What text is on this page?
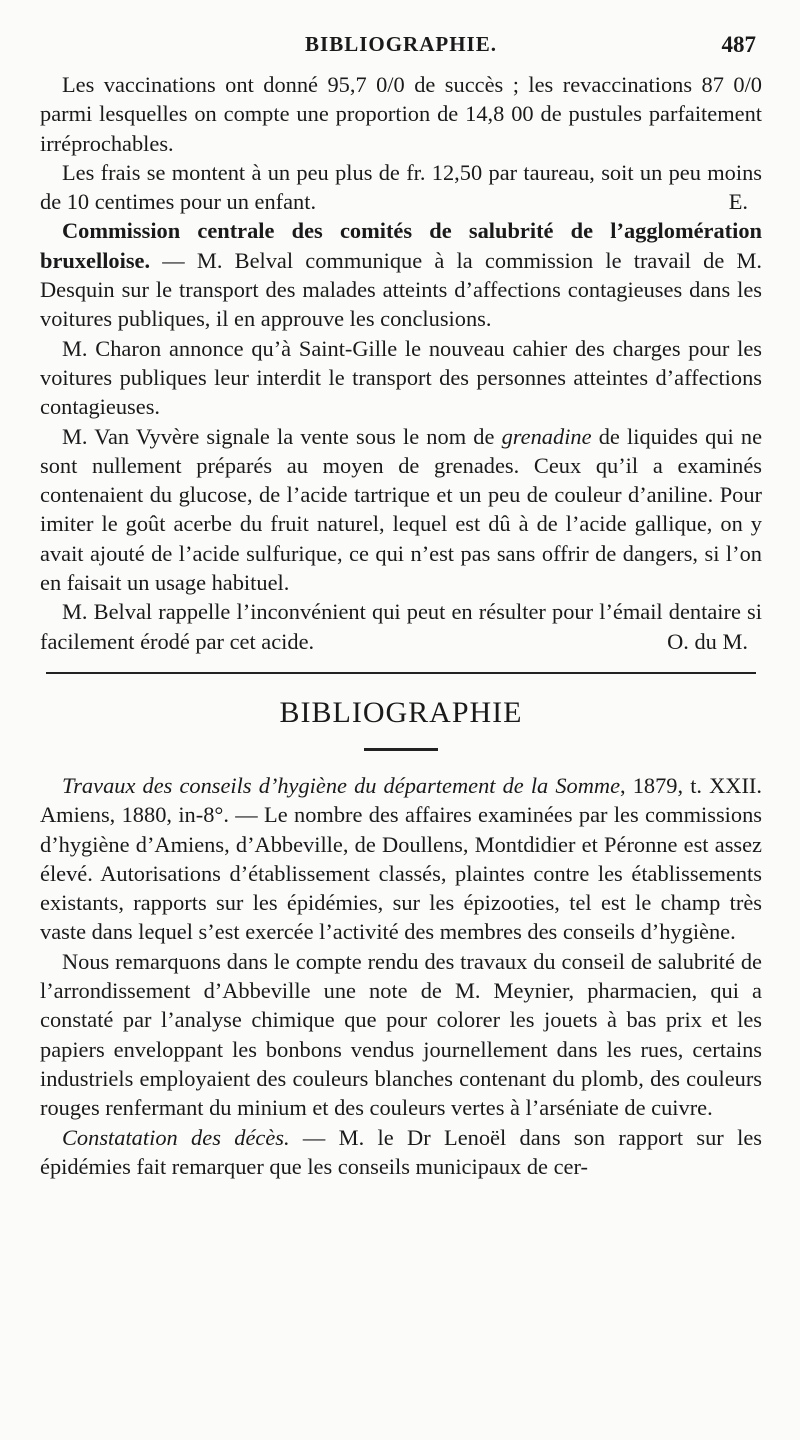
BIBLIOGRAPHIE.	487

Les vaccinations ont donné 95,7 0/0 de succès ; les revaccinations 87 0/0 parmi lesquelles on compte une proportion de 14,8 00 de pustules parfaitement irréprochables.

Les frais se montent à un peu plus de fr. 12,50 par taureau, soit un peu moins de 10 centimes pour un enfant.	E.

Commission centrale des comités de salubrité de l’agglomération bruxelloise. — M. Belval communique à la commission le travail de M. Desquin sur le transport des malades atteints d’affections contagieuses dans les voitures publiques, il en approuve les conclusions.

M. Charon annonce qu’à Saint-Gille le nouveau cahier des charges pour les voitures publiques leur interdit le transport des personnes atteintes d’affections contagieuses.

M. Van Vyvère signale la vente sous le nom de grenadine de liquides qui ne sont nullement préparés au moyen de grenades. Ceux qu’il a examinés contenaient du glucose, de l’acide tartrique et un peu de couleur d’aniline. Pour imiter le goût acerbe du fruit naturel, lequel est dû à de l’acide gallique, on y avait ajouté de l’acide sulfurique, ce qui n’est pas sans offrir de dangers, si l’on en faisait un usage habituel.

M. Belval rappelle l’inconvénient qui peut en résulter pour l’émail dentaire si facilement érodé par cet acide.	O. du M.

BIBLIOGRAPHIE

Travaux des conseils d’hygiène du département de la Somme, 1879, t. XXII. Amiens, 1880, in-8°. — Le nombre des affaires examinées par les commissions d’hygiène d’Amiens, d’Abbeville, de Doullens, Montdidier et Péronne est assez élevé. Autorisations d’établissement classés, plaintes contre les établissements existants, rapports sur les épidémies, sur les épizooties, tel est le champ très vaste dans lequel s’est exercée l’activité des membres des conseils d’hygiène.

Nous remarquons dans le compte rendu des travaux du conseil de salubrité de l’arrondissement d’Abbeville une note de M. Meynier, pharmacien, qui a constaté par l’analyse chimique que pour colorer les jouets à bas prix et les papiers enveloppant les bonbons vendus journellement dans les rues, certains industriels employaient des couleurs blanches contenant du plomb, des couleurs rouges renfermant du minium et des couleurs vertes à l’arséniate de cuivre.

Constatation des décès. — M. le Dr Lenoël dans son rapport sur les épidémies fait remarquer que les conseils municipaux de cer-
